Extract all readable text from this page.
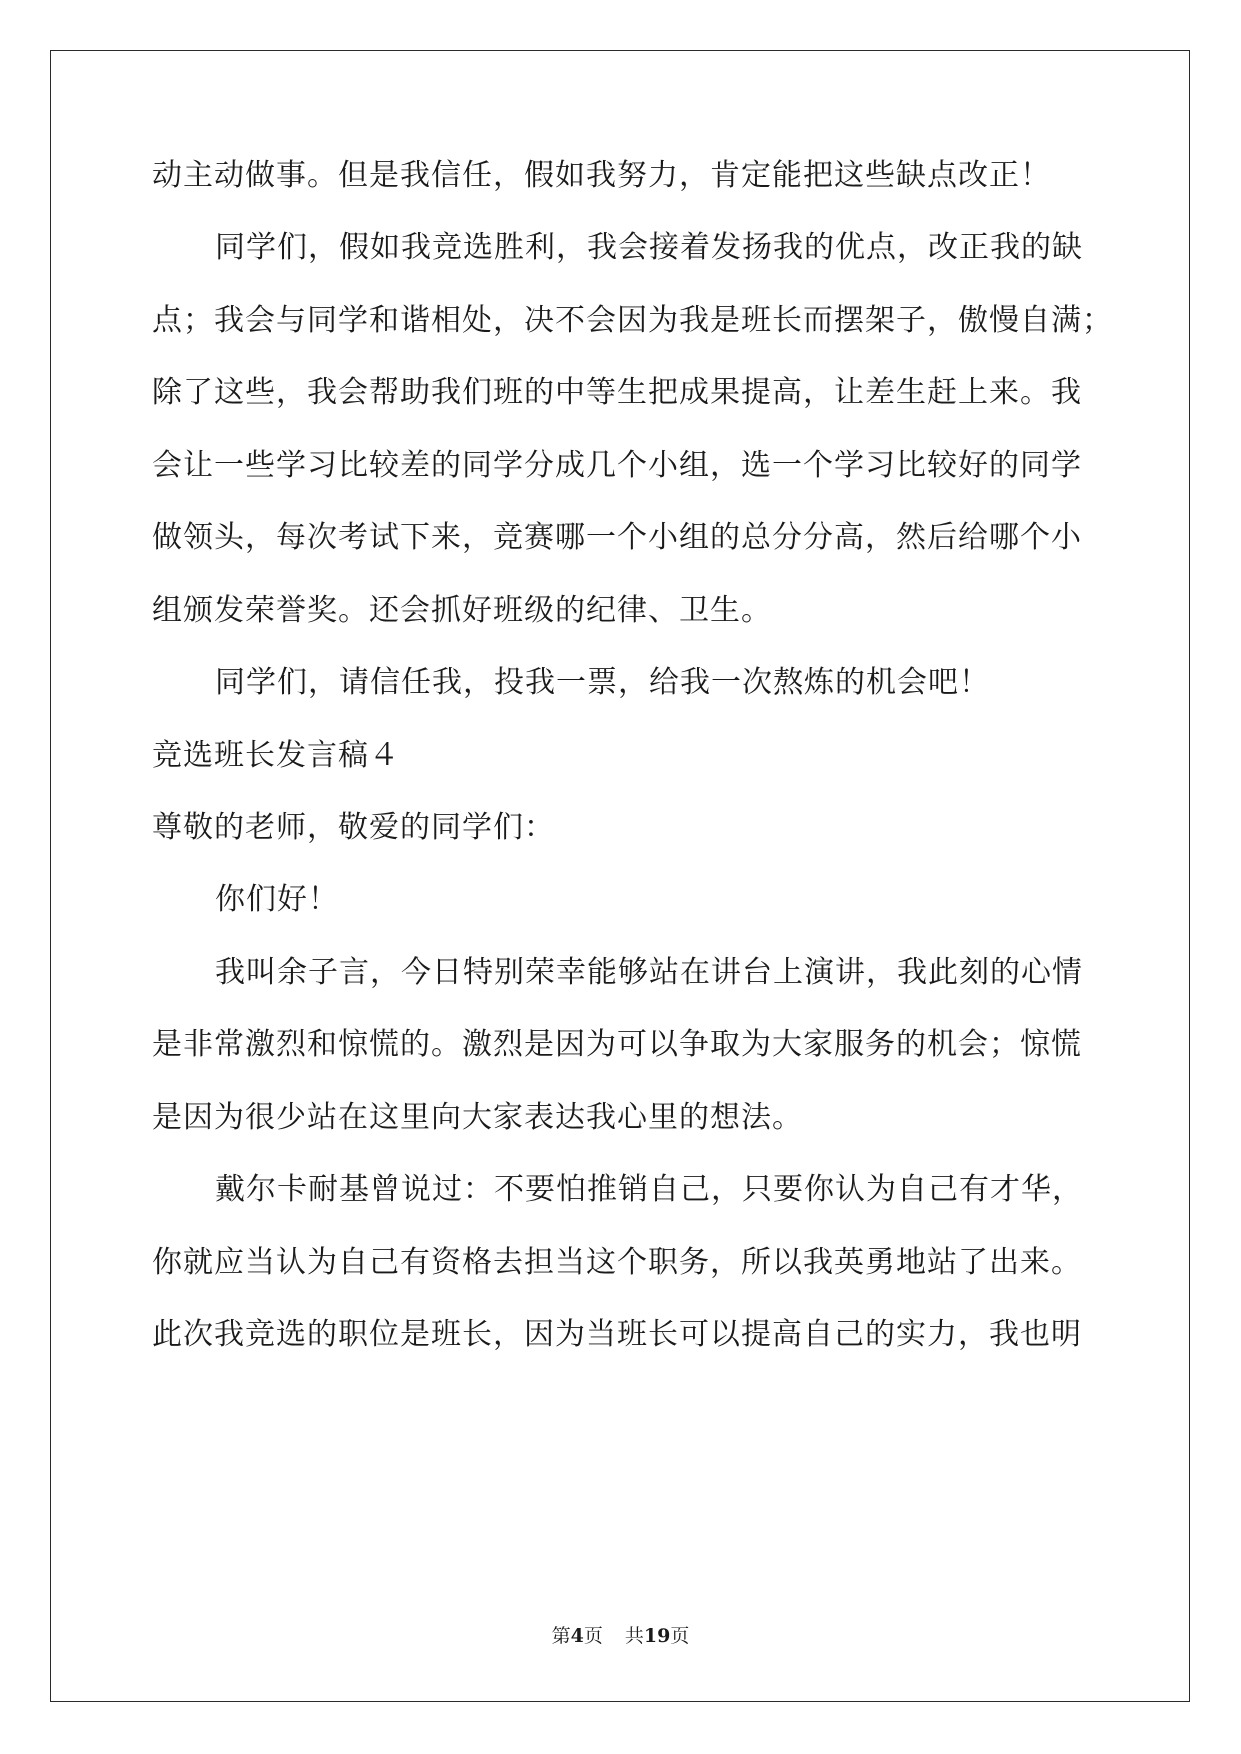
动主动做事。但是我信任，假如我努力，肯定能把这些缺点改正！
同学们，假如我竞选胜利，我会接着发扬我的优点，改正我的缺
点；我会与同学和谐相处，决不会因为我是班长而摆架子，傲慢自满；
除了这些，我会帮助我们班的中等生把成果提高，让差生赶上来。我
会让一些学习比较差的同学分成几个小组，选一个学习比较好的同学
做领头，每次考试下来，竞赛哪一个小组的总分分高，然后给哪个小
组颁发荣誉奖。还会抓好班级的纪律、卫生。
同学们，请信任我，投我一票，给我一次熬炼的机会吧！
竞选班长发言稿４
尊敬的老师，敬爱的同学们：
你们好！
我叫余子言，今日特别荣幸能够站在讲台上演讲，我此刻的心情
是非常激烈和惊慌的。激烈是因为可以争取为大家服务的机会；惊慌
是因为很少站在这里向大家表达我心里的想法。
戴尔卡耐基曾说过：不要怕推销自己，只要你认为自己有才华，
你就应当认为自己有资格去担当这个职务，所以我英勇地站了出来。
此次我竞选的职位是班长，因为当班长可以提高自己的实力，我也明
第4页 共19页
